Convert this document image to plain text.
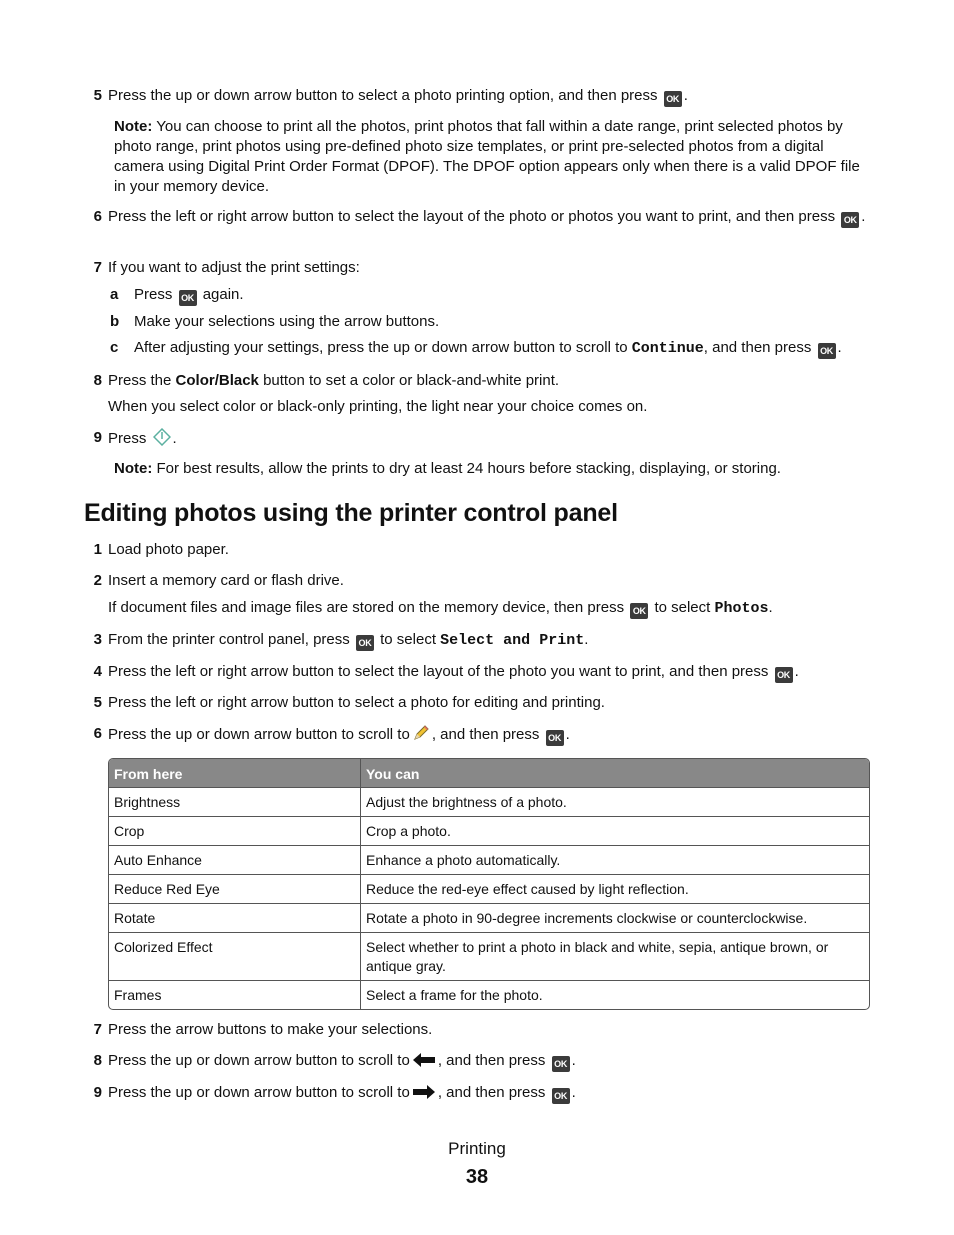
5 Press the up or down arrow button to select a photo printing option, and then press OK .
Note: You can choose to print all the photos, print photos that fall within a date range, print selected photos by photo range, print photos using pre-defined photo size templates, or print pre-selected photos from a digital camera using Digital Print Order Format (DPOF). The DPOF option appears only when there is a valid DPOF file in your memory device.
6 Press the left or right arrow button to select the layout of the photo or photos you want to print, and then press OK .
7 If you want to adjust the print settings:
a Press OK again.
b Make your selections using the arrow buttons.
c After adjusting your settings, press the up or down arrow button to scroll to Continue, and then press OK .
8 Press the Color/Black button to set a color or black-and-white print.
When you select color or black-only printing, the light near your choice comes on.
9 Press .
Note: For best results, allow the prints to dry at least 24 hours before stacking, displaying, or storing.
Editing photos using the printer control panel
1 Load photo paper.
2 Insert a memory card or flash drive.
If document files and image files are stored on the memory device, then press OK to select Photos.
3 From the printer control panel, press OK to select Select and Print.
4 Press the left or right arrow button to select the layout of the photo you want to print, and then press OK .
5 Press the left or right arrow button to select a photo for editing and printing.
6 Press the up or down arrow button to scroll to , and then press OK .
From here	You can
Brightness	Adjust the brightness of a photo.
Crop	Crop a photo.
Auto Enhance	Enhance a photo automatically.
Reduce Red Eye	Reduce the red-eye effect caused by light reflection.
Rotate	Rotate a photo in 90-degree increments clockwise or counterclockwise.
Colorized Effect	Select whether to print a photo in black and white, sepia, antique brown, or antique gray.
Frames	Select a frame for the photo.
7 Press the arrow buttons to make your selections.
8 Press the up or down arrow button to scroll to , and then press OK .
9 Press the up or down arrow button to scroll to , and then press OK .
Printing
38
